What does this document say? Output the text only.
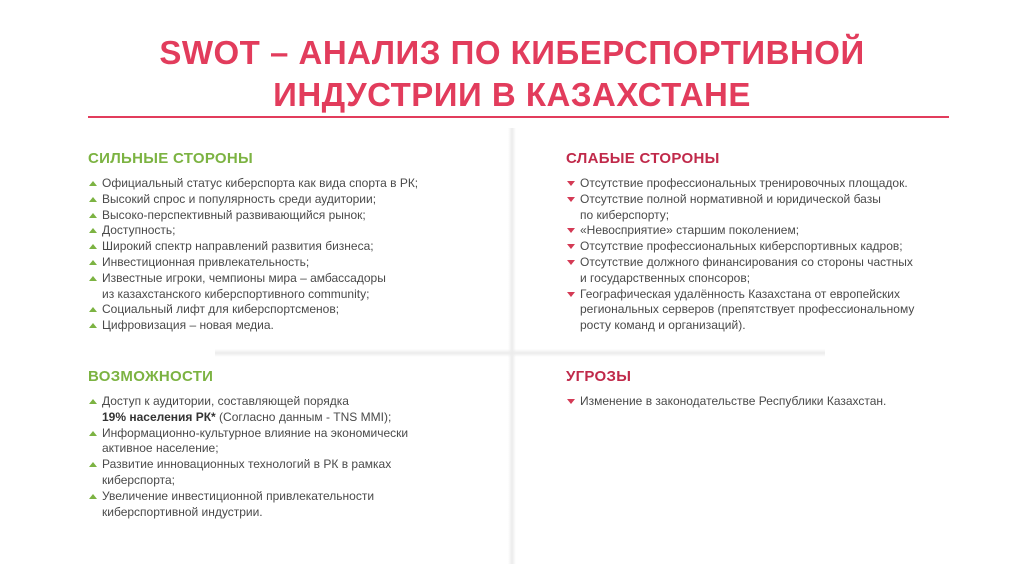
SWOT – АНАЛИЗ ПО КИБЕРСПОРТИВНОЙ
ИНДУСТРИИ В КАЗАХСТАНЕ
СИЛЬНЫЕ СТОРОНЫ
Официальный статус киберспорта как вида спорта в РК;
Высокий спрос и популярность среди аудитории;
Высоко-перспективный развивающийся рынок;
Доступность;
Широкий спектр направлений развития бизнеса;
Инвестиционная привлекательность;
Известные игроки, чемпионы мира – амбассадоры
из казахстанского киберспортивного community;
Социальный лифт для киберспортсменов;
Цифровизация – новая медиа.
СЛАБЫЕ СТОРОНЫ
Отсутствие профессиональных тренировочных площадок.
Отсутствие полной нормативной и юридической базы
по киберспорту;
«Невосприятие» старшим поколением;
Отсутствие профессиональных киберспортивных кадров;
Отсутствие должного финансирования со стороны частных
и государственных спонсоров;
Географическая удалённость Казахстана от европейских
региональных серверов (препятствует профессиональному
росту команд и организаций).
ВОЗМОЖНОСТИ
Доступ к аудитории, составляющей порядка
19% населения РК* (Согласно данным - TNS MMI);
Информационно-культурное влияние на экономически
активное население;
Развитие инновационных технологий в РК в рамках
киберспорта;
Увеличение инвестиционной привлекательности
киберспортивной индустрии.
УГРОЗЫ
Изменение в законодательстве Республики Казахстан.
